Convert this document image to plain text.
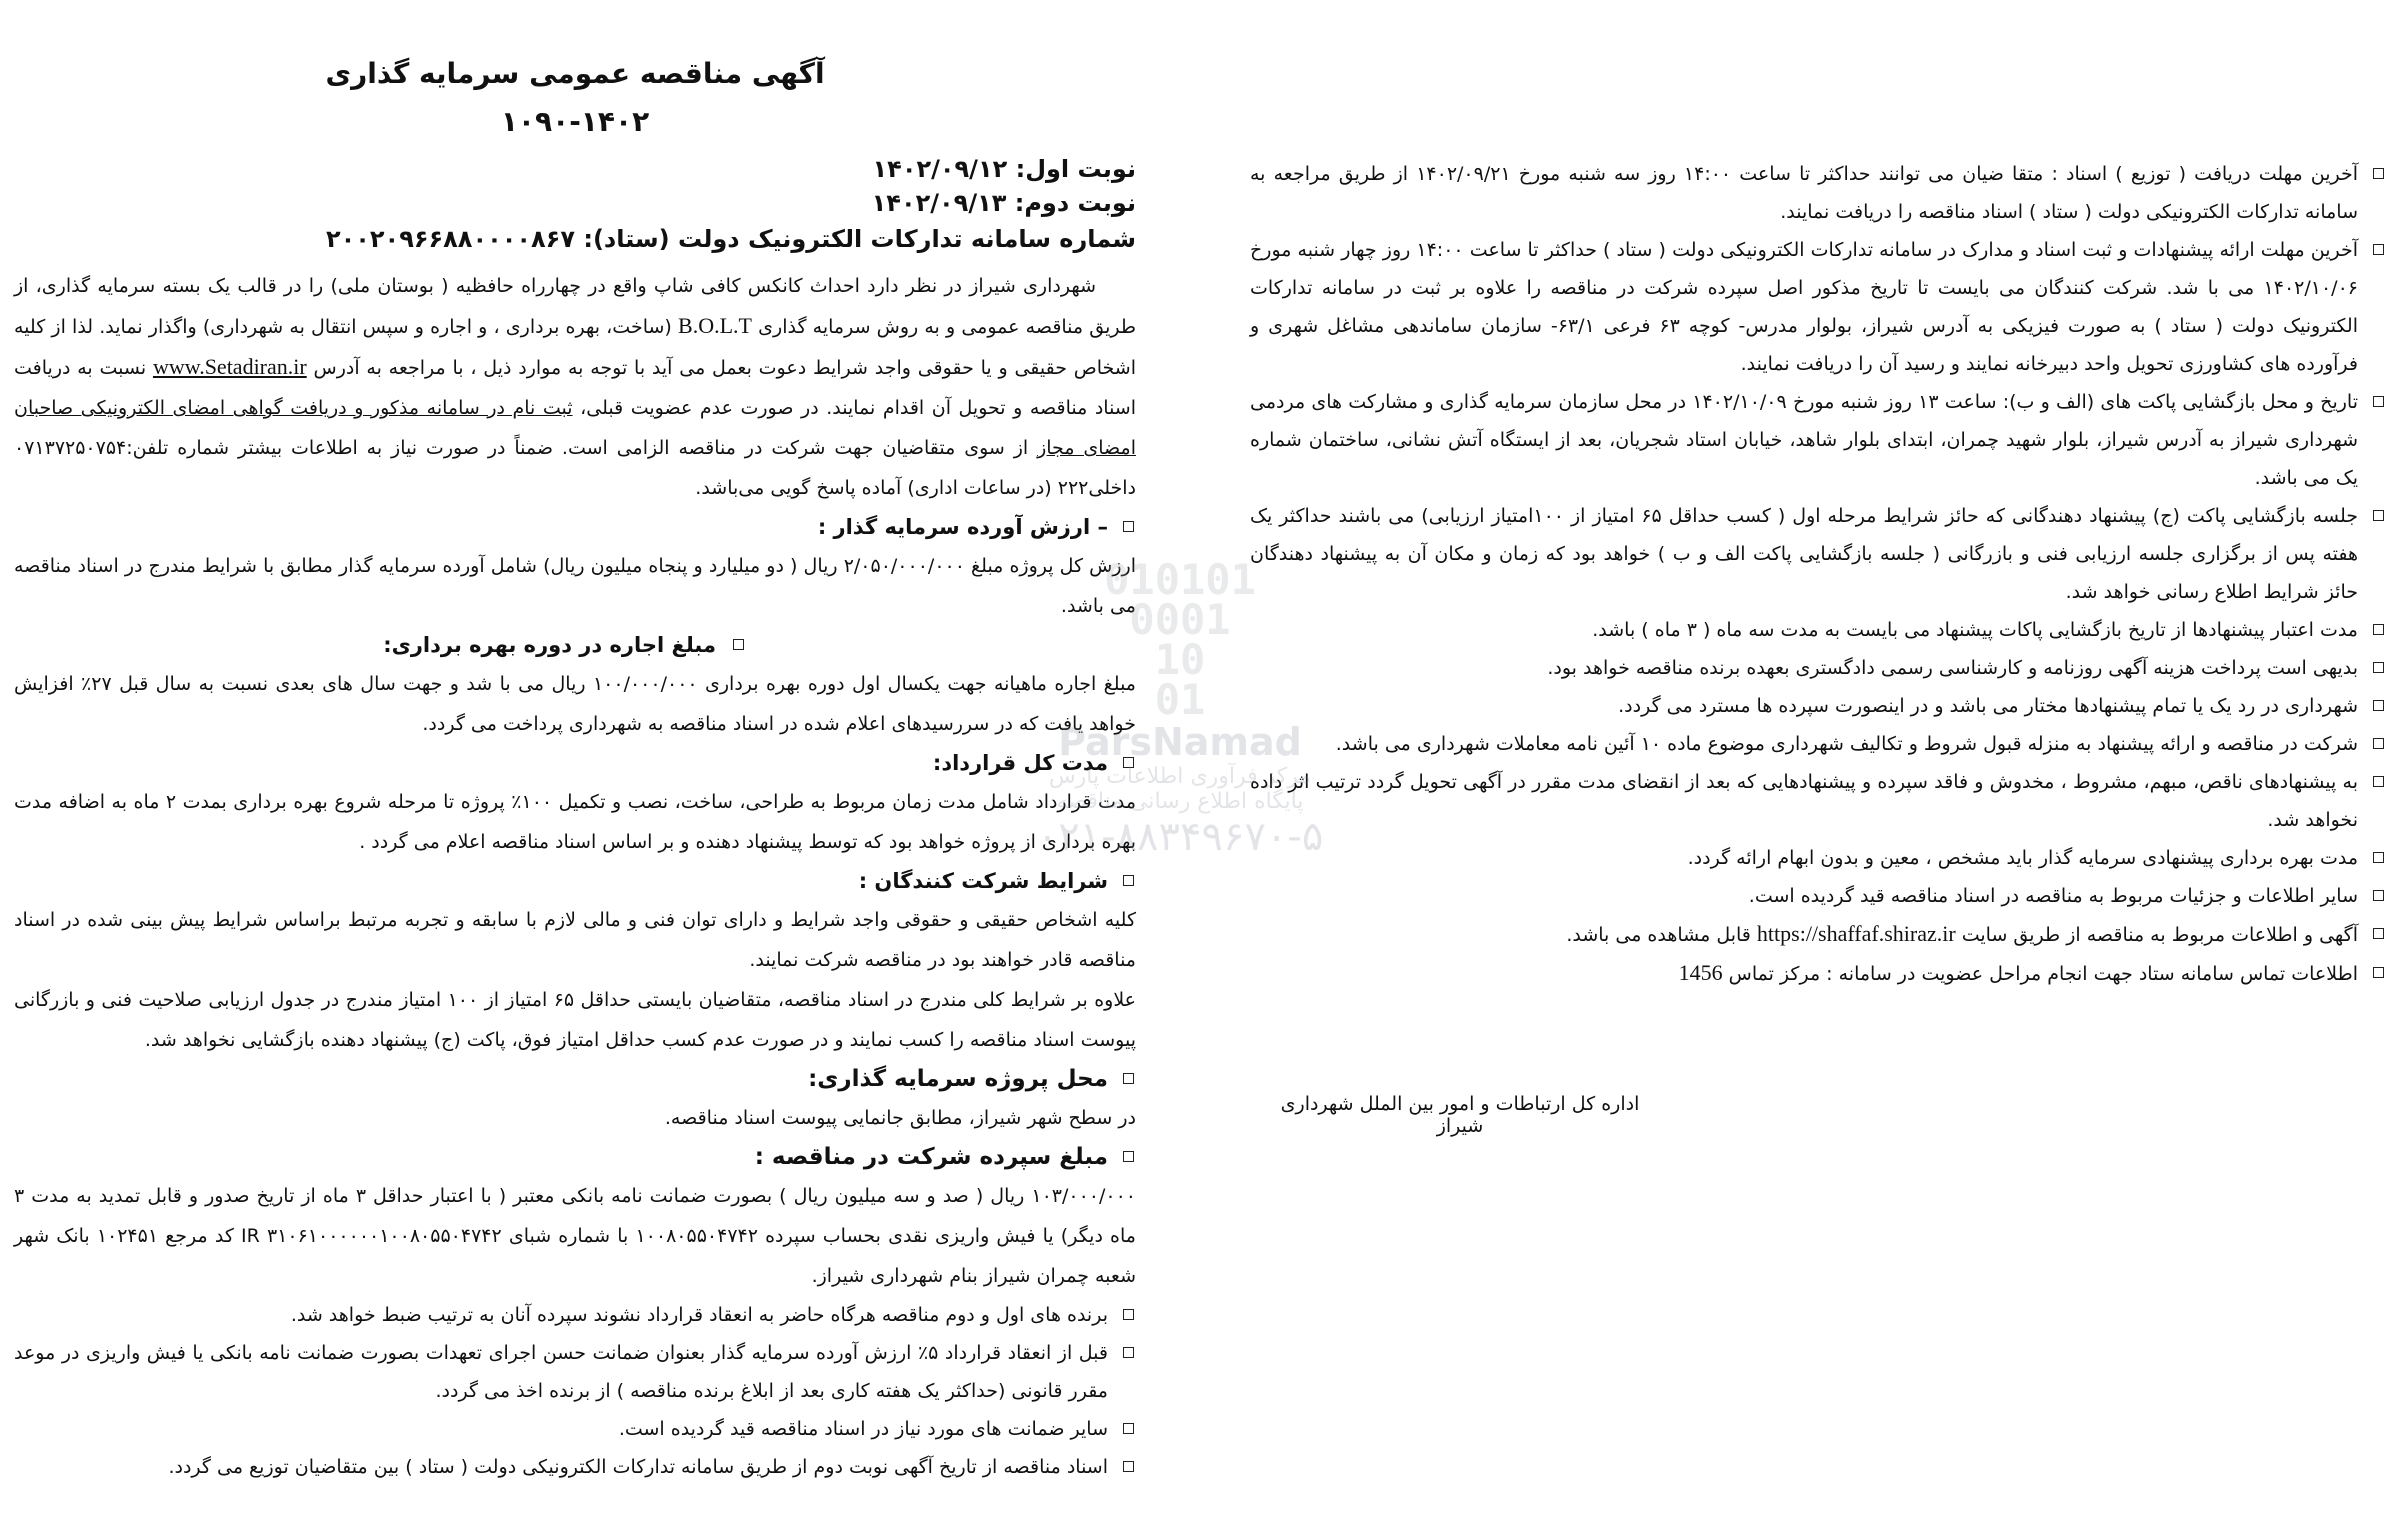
آخرین مهلت دریافت ( توزیع ) اسناد : متقا ضیان می توانند حداکثر تا ساعت ۱۴:۰۰ روز سه شنبه مورخ ۱۴۰۲/۰۹/۲۱ از طریق مراجعه به سامانه تدارکات الکترونیکی دولت ( ستاد ) اسناد مناقصه را دریافت نمایند.
آخرین مهلت ارائه پیشنهادات و ثبت اسناد و مدارک در سامانه تدارکات الکترونیکی دولت ( ستاد ) حداکثر تا ساعت ۱۴:۰۰ روز چهار شنبه مورخ ۱۴۰۲/۱۰/۰۶ می با شد. شرکت کنندگان می بایست تا تاریخ مذکور اصل سپرده شرکت در مناقصه را علاوه بر ثبت در سامانه تدارکات الکترونیک دولت ( ستاد ) به صورت فیزیکی به آدرس شیراز، بولوار مدرس- کوچه ۶۳ فرعی ۶۳/۱- سازمان ساماندهی مشاغل شهری و فرآورده های کشاورزی تحویل واحد دبیرخانه نمایند و رسید آن را دریافت نمایند.
تاریخ و محل بازگشایی پاکت های (الف و ب): ساعت ۱۳ روز شنبه مورخ ۱۴۰۲/۱۰/۰۹ در محل سازمان سرمایه گذاری و مشارکت های مردمی شهرداری شیراز به آدرس شیراز، بلوار شهید چمران، ابتدای بلوار شاهد، خیابان استاد شجریان، بعد از ایستگاه آتش نشانی، ساختمان شماره یک می باشد.
جلسه بازگشایی پاکت (ج) پیشنهاد دهندگانی که حائز شرایط مرحله اول ( کسب حداقل ۶۵ امتیاز از ۱۰۰امتیاز ارزیابی) می باشند حداکثر یک هفته پس از برگزاری جلسه ارزیابی فنی و بازرگانی ( جلسه بازگشایی پاکت الف و ب ) خواهد بود که زمان و مکان آن به پیشنهاد دهندگان حائز شرایط اطلاع رسانی خواهد شد.
مدت اعتبار پیشنهادها از تاریخ بازگشایی پاکات پیشنهاد می بایست به مدت سه ماه ( ۳ ماه ) باشد.
بدیهی است پرداخت هزینه آگهی روزنامه و کارشناسی رسمی دادگستری بعهده برنده مناقصه خواهد بود.
شهرداری در رد یک یا تمام پیشنهادها مختار می باشد و در اینصورت سپرده ها مسترد می گردد.
شرکت در مناقصه و ارائه پیشنهاد به منزله قبول شروط و تکالیف شهرداری موضوع ماده ۱۰ آئین نامه معاملات شهرداری می باشد.
به پیشنهادهای ناقص، مبهم، مشروط ، مخدوش و فاقد سپرده و پیشنهادهایی که بعد از انقضای مدت مقرر در آگهی تحویل گردد ترتیب اثر داده نخواهد شد.
مدت بهره برداری پیشنهادی سرمایه گذار باید مشخص ، معین و بدون ابهام ارائه گردد.
سایر اطلاعات و جزئیات مربوط به مناقصه در اسناد مناقصه قید گردیده است.
آگهی و اطلاعات مربوط به مناقصه از طریق سایت https://shaffaf.shiraz.ir قابل مشاهده می باشد.
اطلاعات تماس سامانه ستاد جهت انجام مراحل عضویت در سامانه : مرکز تماس 1456
اداره کل ارتباطات و امور بین الملل شهرداری شیراز
آگهی مناقصه عمومی سرمایه گذاری
۱۰۹۰-۱۴۰۲
نوبت اول: ۱۴۰۲/۰۹/۱۲
نوبت دوم: ۱۴۰۲/۰۹/۱۳
شماره سامانه تدارکات الکترونیک دولت (ستاد): ۲۰۰۲۰۹۶۶۸۸۰۰۰۰۸۶۷

شهرداری شیراز در نظر دارد احداث کانکس کافی شاپ واقع در چهارراه حافظیه ( بوستان ملی) را در قالب یک بسته سرمایه گذاری، از طریق مناقصه عمومی و به روش سرمایه گذاری B.O.L.T (ساخت، بهره برداری ، و اجاره و سپس انتقال به شهرداری) واگذار نماید. لذا از کلیه اشخاص حقیقی و یا حقوقی واجد شرایط دعوت بعمل می آید با توجه به موارد ذیل ، با مراجعه به آدرس www.Setadiran.ir نسبت به دریافت اسناد مناقصه و تحویل آن اقدام نمایند. در صورت عدم عضویت قبلی، ثبت نام در سامانه مذکور و دریافت گواهی امضای الکترونیکی صاحبان امضای مجاز از سوی متقاضیان جهت شرکت در مناقصه الزامی است. ضمناً در صورت نیاز به اطلاعات بیشتر شماره تلفن:۰۷۱۳۷۲۵۰۷۵۴ داخلی۲۲۲ (در ساعات اداری) آماده پاسخ گویی می‌باشد.

– ارزش آورده سرمایه گذار :

ارزش کل پروژه مبلغ ۲/۰۵۰/۰۰۰/۰۰۰ ریال ( دو میلیارد و پنجاه میلیون ریال) شامل آورده سرمایه گذار مطابق با شرایط مندرج در اسناد مناقصه می باشد.

مبلغ اجاره در دوره بهره برداری:

مبلغ اجاره ماهیانه جهت یکسال اول دوره بهره برداری ۱۰۰/۰۰۰/۰۰۰ ریال می با شد و جهت سال های بعدی نسبت به سال قبل ۲۷٪ افزایش خواهد یافت که در سررسیدهای اعلام شده در اسناد مناقصه به شهرداری پرداخت می گردد.

مدت کل قرارداد:

مدت قرارداد شامل مدت زمان مربوط به طراحی، ساخت، نصب و تکمیل ۱۰۰٪ پروژه تا مرحله شروع بهره برداری بمدت ۲ ماه به اضافه مدت بهره برداری از پروژه خواهد بود که توسط پیشنهاد دهنده و بر اساس اسناد مناقصه اعلام می گردد .

شرایط شرکت کنندگان :

کلیه اشخاص حقیقی و حقوقی واجد شرایط و دارای توان فنی و مالی لازم با سابقه و تجربه مرتبط براساس شرایط پیش بینی شده در اسناد مناقصه قادر خواهند بود در مناقصه شرکت نمایند.

علاوه بر شرایط کلی مندرج در اسناد مناقصه، متقاضیان بایستی حداقل ۶۵ امتیاز از ۱۰۰ امتیاز مندرج در جدول ارزیابی صلاحیت فنی و بازرگانی پیوست اسناد مناقصه را کسب نمایند و در صورت عدم کسب حداقل امتیاز فوق، پاکت (ج) پیشنهاد دهنده بازگشایی نخواهد شد.

محل پروژه سرمایه گذاری:

در سطح شهر شیراز، مطابق جانمایی پیوست اسناد مناقصه.

مبلغ سپرده شرکت در مناقصه :

۱۰۳/۰۰۰/۰۰۰ ریال ( صد و سه میلیون ریال ) بصورت ضمانت نامه بانکی معتبر ( با اعتبار حداقل ۳ ماه از تاریخ صدور و قابل تمدید به مدت ۳ ماه دیگر) یا فیش واریزی نقدی بحساب سپرده ۱۰۰۸۰۵۵۰۴۷۴۲ با شماره شبای ۳۱۰۶۱۰۰۰۰۰۰۱۰۰۸۰۵۵۰۴۷۴۲ IR کد مرجع ۱۰۲۴۵۱ بانک شهر شعبه چمران شیراز بنام شهرداری شیراز.

برنده های اول و دوم مناقصه هرگاه حاضر به انعقاد قرارداد نشوند سپرده آنان به ترتیب ضبط خواهد شد.
قبل از انعقاد قرارداد ۵٪ ارزش آورده سرمایه گذار بعنوان ضمانت حسن اجرای تعهدات بصورت ضمانت نامه بانکی یا فیش واریزی در موعد مقرر قانونی (حداکثر یک هفته کاری بعد از ابلاغ برنده مناقصه ) از برنده اخذ می گردد.
سایر ضمانت های مورد نیاز در اسناد مناقصه قید گردیده است.
اسناد مناقصه از تاریخ آگهی نوبت دوم از طریق سامانه تدارکات الکترونیکی دولت ( ستاد ) بین متقاضیان توزیع می گردد.
010101
0001
10
01
ParsNamad
مرکز فرآوری اطلاعات پارس
پایگاه اطلاع رسانی مناقصه
۰۲۱-۸۸۳۴۹۶۷۰-۵
